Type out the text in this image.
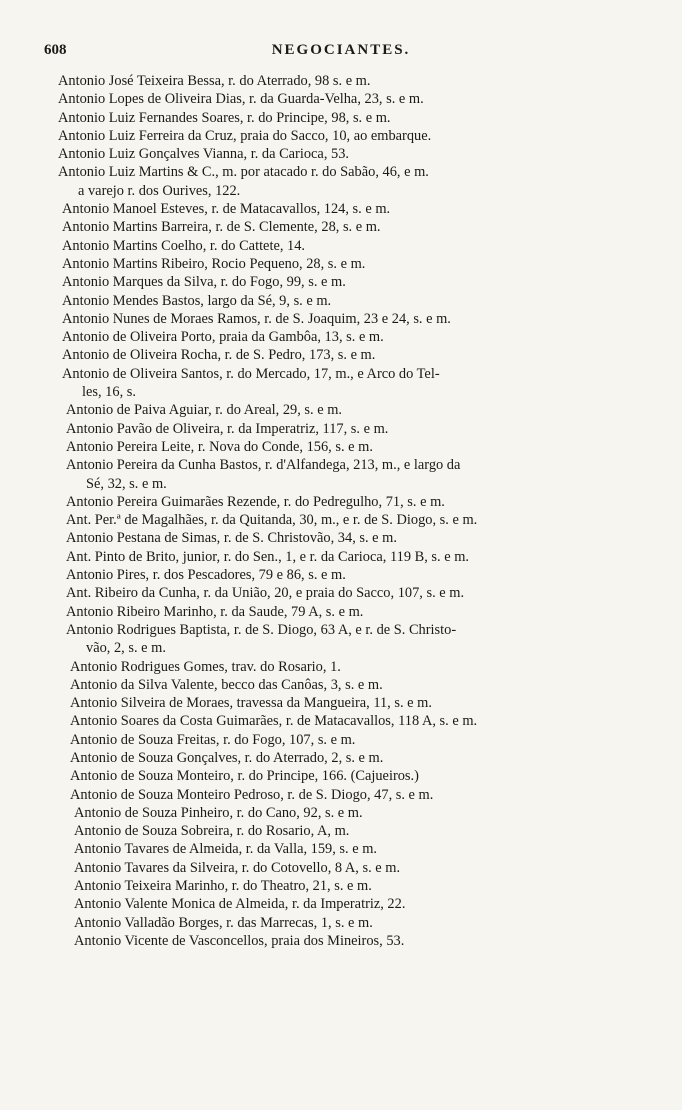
608	NEGOCIANTES.

Antonio José Teixeira Bessa, r. do Aterrado, 98 s. e m.

Antonio Lopes de Oliveira Dias, r. da Guarda-Velha, 23, s. e m.

Antonio Luiz Fernandes Soares, r. do Principe, 98, s. e m.

Antonio Luiz Ferreira da Cruz, praia do Sacco, 10, ao embarque.

Antonio Luiz Gonçalves Vianna, r. da Carioca, 53.

Antonio Luiz Martins & C., m. por atacado r. do Sabão, 46, e m.

a varejo r. dos Ourives, 122.

Antonio Manoel Esteves, r. de Matacavallos, 124, s. e m.

Antonio Martins Barreira, r. de S. Clemente, 28, s. e m.

Antonio Martins Coelho, r. do Cattete, 14.

Antonio Martins Ribeiro, Rocio Pequeno, 28, s. e m.

Antonio Marques da Silva, r. do Fogo, 99, s. e m.

Antonio Mendes Bastos, largo da Sé, 9, s. e m.

Antonio Nunes de Moraes Ramos, r. de S. Joaquim, 23 e 24, s. e m.

Antonio de Oliveira Porto, praia da Gambôa, 13, s. e m.

Antonio de Oliveira Rocha, r. de S. Pedro, 173, s. e m.

Antonio de Oliveira Santos, r. do Mercado, 17, m., e Arco do Tel-

les, 16, s.

Antonio de Paiva Aguiar, r. do Areal, 29, s. e m.

Antonio Pavão de Oliveira, r. da Imperatriz, 117, s. e m.

Antonio Pereira Leite, r. Nova do Conde, 156, s. e m.

Antonio Pereira da Cunha Bastos, r. d'Alfandega, 213, m., e largo da

Sé, 32, s. e m.

Antonio Pereira Guimarães Rezende, r. do Pedregulho, 71, s. e m.

Ant. Per.ª de Magalhães, r. da Quitanda, 30, m., e r. de S. Diogo, s. e m.

Antonio Pestana de Simas, r. de S. Christovão, 34, s. e m.

Ant. Pinto de Brito, junior, r. do Sen., 1, e r. da Carioca, 119 B, s. e m.

Antonio Pires, r. dos Pescadores, 79 e 86, s. e m.

Ant. Ribeiro da Cunha, r. da União, 20, e praia do Sacco, 107, s. e m.

Antonio Ribeiro Marinho, r. da Saude, 79 A, s. e m.

Antonio Rodrigues Baptista, r. de S. Diogo, 63 A, e r. de S. Christo-

vão, 2, s. e m.

Antonio Rodrigues Gomes, trav. do Rosario, 1.

Antonio da Silva Valente, becco das Canôas, 3, s. e m.

Antonio Silveira de Moraes, travessa da Mangueira, 11, s. e m.

Antonio Soares da Costa Guimarães, r. de Matacavallos, 118 A, s. e m.

Antonio de Souza Freitas, r. do Fogo, 107, s. e m.

Antonio de Souza Gonçalves, r. do Aterrado, 2, s. e m.

Antonio de Souza Monteiro, r. do Principe, 166. (Cajueiros.)

Antonio de Souza Monteiro Pedroso, r. de S. Diogo, 47, s. e m.

Antonio de Souza Pinheiro, r. do Cano, 92, s. e m.

Antonio de Souza Sobreira, r. do Rosario, A, m.

Antonio Tavares de Almeida, r. da Valla, 159, s. e m.

Antonio Tavares da Silveira, r. do Cotovello, 8 A, s. e m.

Antonio Teixeira Marinho, r. do Theatro, 21, s. e m.

Antonio Valente Monica de Almeida, r. da Imperatriz, 22.

Antonio Valladão Borges, r. das Marrecas, 1, s. e m.

Antonio Vicente de Vasconcellos, praia dos Mineiros, 53.
